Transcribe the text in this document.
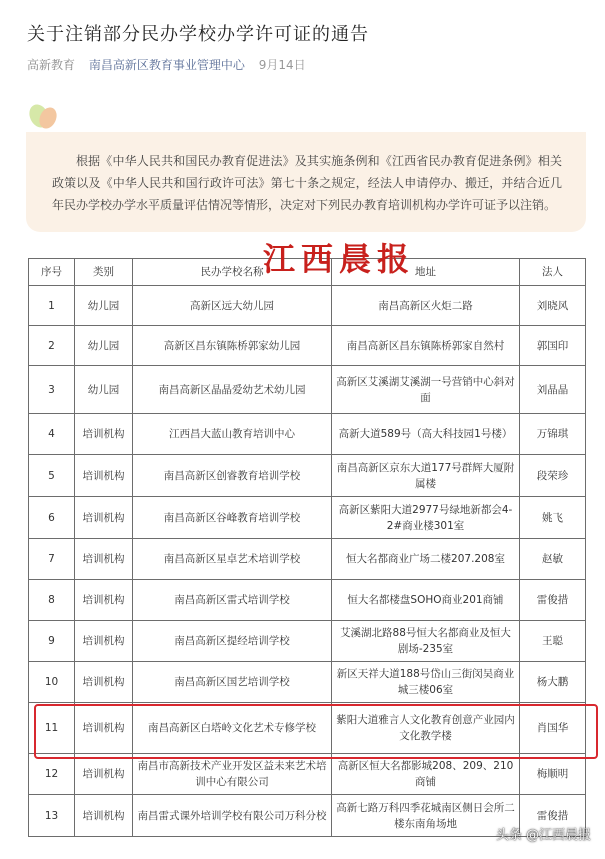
关于注销部分民办学校办学许可证的通告
高新教育 南昌高新区教育事业管理中心 9月14日

根据《中华人民共和国民办教育促进法》及其实施条例和《江西省民办教育促进条例》相关政策以及《中华人民共和国行政许可法》第七十条之规定，经法人申请停办、搬迁，并结合近几年民办学校办学水平质量评估情况等情形，决定对下列民办教育培训机构办学许可证予以注销。

江西晨报
序号	类别	民办学校名称	地址	法人
1	幼儿园	高新区远大幼儿园	南昌高新区火炬二路	刘晓风
2	幼儿园	高新区昌东镇陈桥郭家幼儿园	南昌高新区昌东镇陈桥郭家自然村	郭国印
3	幼儿园	南昌高新区晶晶爱幼艺术幼儿园	高新区艾溪湖艾溪湖一号营销中心斜对面	刘晶晶
4	培训机构	江西昌大蓝山教育培训中心	高新大道589号（高大科技园1号楼）	万锦琪
5	培训机构	南昌高新区创睿教育培训学校	南昌高新区京东大道177号群辉大厦附属楼	段荣珍
6	培训机构	南昌高新区谷峰教育培训学校	高新区紫阳大道2977号绿地新都会4-2#商业楼301室	姚飞
7	培训机构	南昌高新区星卓艺术培训学校	恒大名都商业广场二楼207.208室	赵敏
8	培训机构	南昌高新区雷式培训学校	恒大名都楼盘SOHO商业201商铺	雷俊措
9	培训机构	南昌高新区提经培训学校	艾溪湖北路88号恒大名都商业及恒大剧场-235室	王聪
10	培训机构	南昌高新区国艺培训学校	新区天祥大道188号岱山三街闵吴商业城三楼06室	杨大鹏
11	培训机构	南昌高新区白塔岭文化艺术专修学校	紫阳大道雅言人文化教育创意产业园内文化教学楼	肖国华
12	培训机构	南昌市高新技术产业开发区益未来艺术培训中心有限公司	高新区恒大名都影城208、209、210商铺	梅顺明
13	培训机构	南昌雷式课外培训学校有限公司万科分校	高新七路万科四季花城南区侧日会所二楼东南角场地	雷俊措
头条 @江西晨报
